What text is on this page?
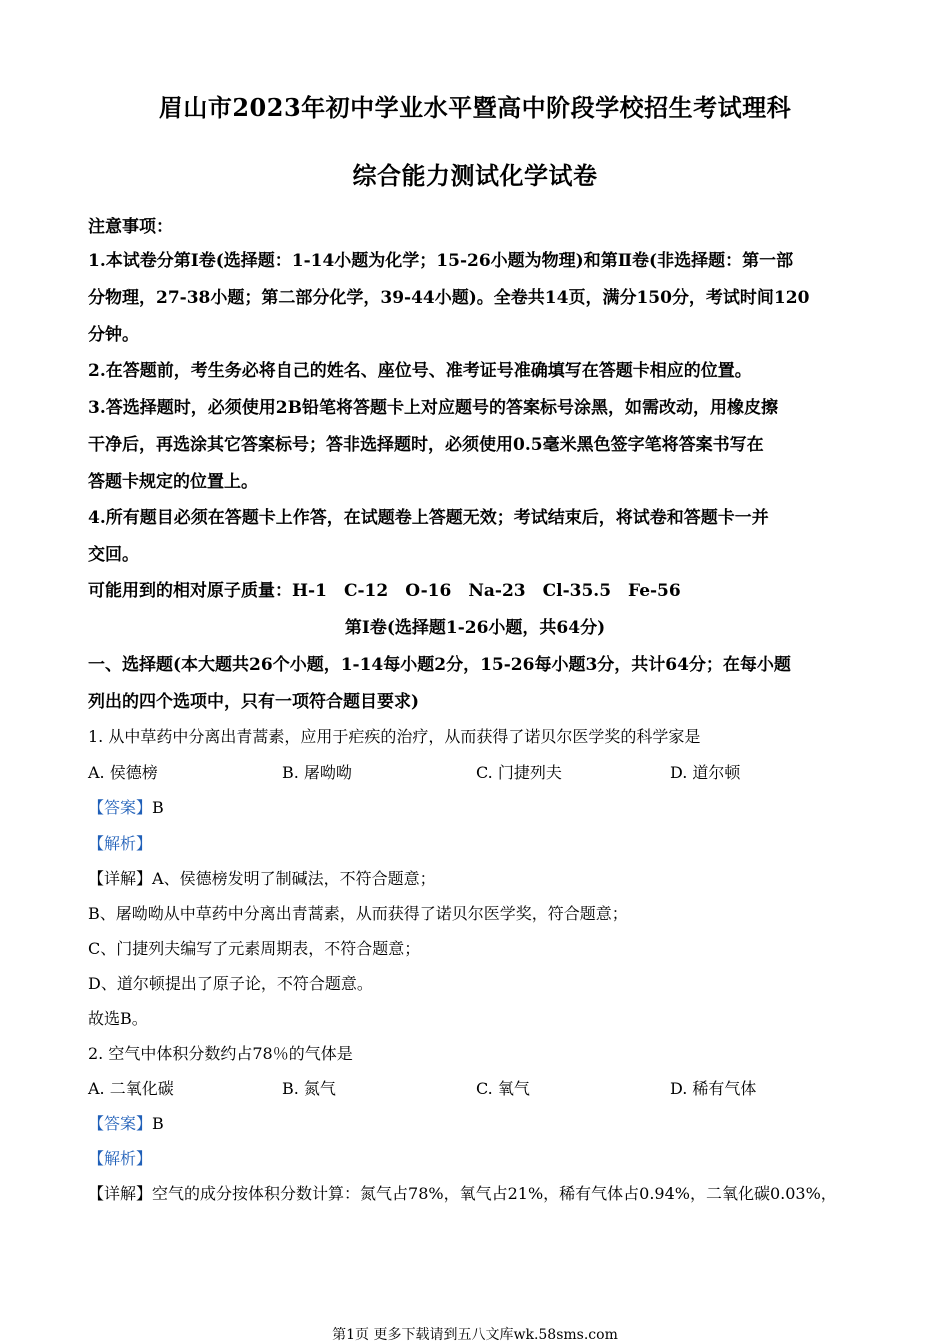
眉山市2023年初中学业水平暨高中阶段学校招生考试理科
综合能力测试化学试卷
注意事项：
1.本试卷分第Ⅰ卷(选择题：1-14小题为化学；15-26小题为物理)和第Ⅱ卷(非选择题：第一部
分物理，27-38小题；第二部分化学，39-44小题)。全卷共14页，满分150分，考试时间120
分钟。
2.在答题前，考生务必将自己的姓名、座位号、准考证号准确填写在答题卡相应的位置。
3.答选择题时，必须使用2B铅笔将答题卡上对应题号的答案标号涂黑，如需改动，用橡皮擦
干净后，再选涂其它答案标号；答非选择题时，必须使用0.5毫米黑色签字笔将答案书写在
答题卡规定的位置上。
4.所有题目必须在答题卡上作答，在试题卷上答题无效；考试结束后，将试卷和答题卡一并
交回。
可能用到的相对原子质量：H-1　C-12　O-16　Na-23　Cl-35.5　Fe-56
第Ⅰ卷(选择题1-26小题，共64分)
一、选择题(本大题共26个小题，1-14每小题2分，15-26每小题3分，共计64分；在每小题
列出的四个选项中，只有一项符合题目要求)
1. 从中草药中分离出青蒿素，应用于疟疾的治疗，从而获得了诺贝尔医学奖的科学家是
A. 侯德榜	B. 屠呦呦	C. 门捷列夫	D. 道尔顿
【答案】B
【解析】
【详解】A、侯德榜发明了制碱法，不符合题意；
B、屠呦呦从中草药中分离出青蒿素，从而获得了诺贝尔医学奖，符合题意；
C、门捷列夫编写了元素周期表，不符合题意；
D、道尔顿提出了原子论，不符合题意。
故选B。
2. 空气中体积分数约占78％的气体是
A. 二氧化碳	B. 氮气	C. 氧气	D. 稀有气体
【答案】B
【解析】
【详解】空气的成分按体积分数计算：氮气占78%，氧气占21%，稀有气体占0.94%，二氧化碳0.03%，
第1页 更多下载请到五八文库wk.58sms.com
